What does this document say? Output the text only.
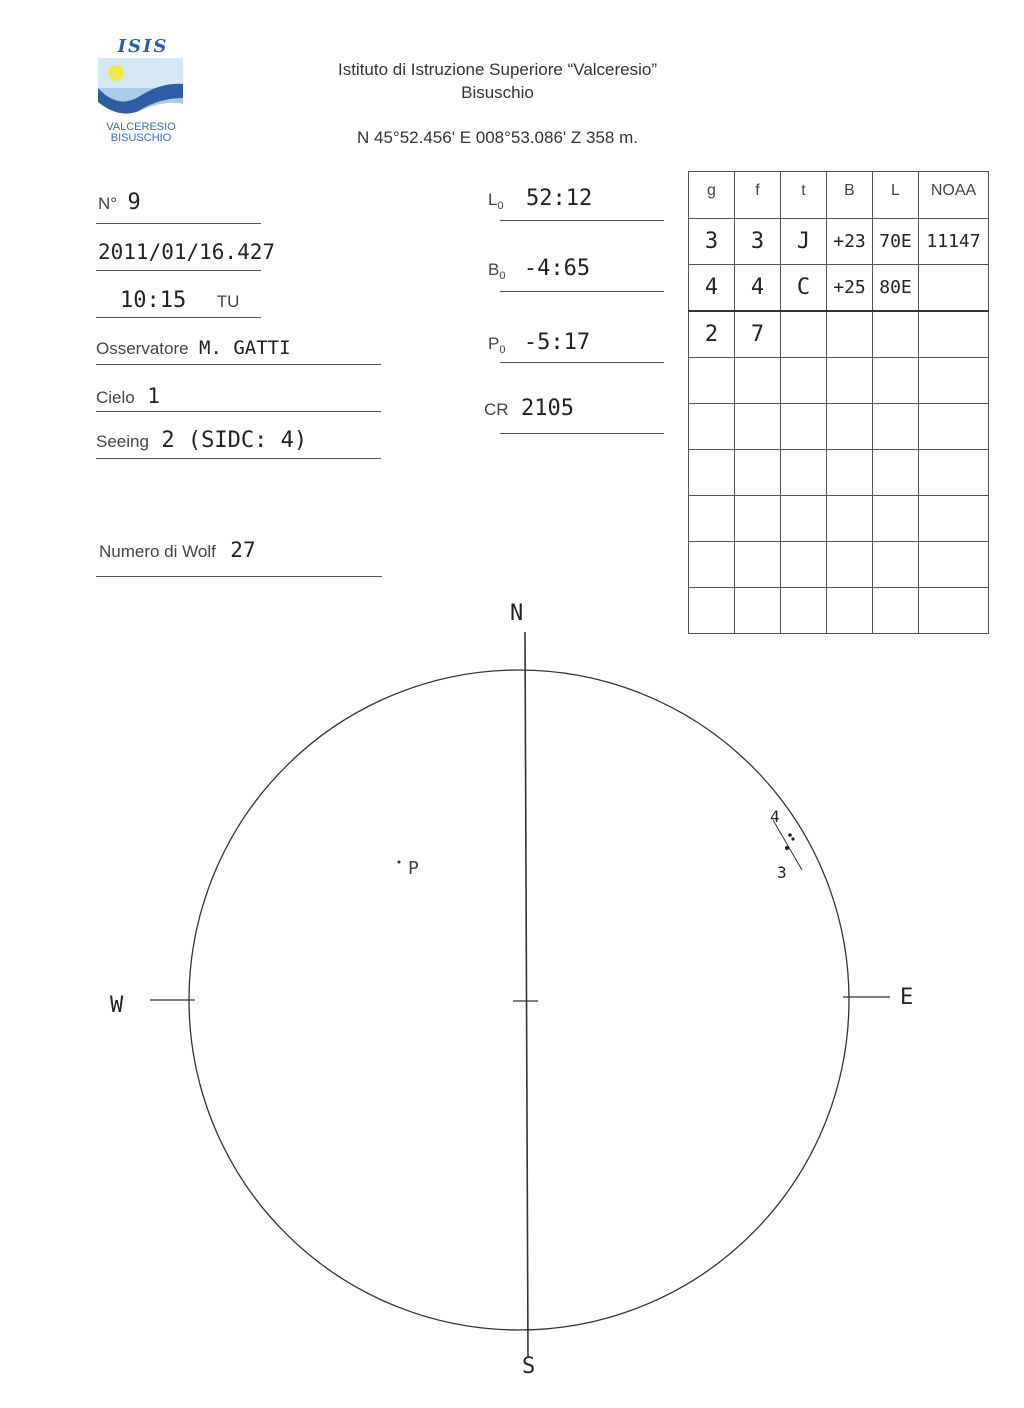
ISIS
VALCERESIO
BISUSCHIO
Istituto di Istruzione Superiore “Valceresio”
Bisuschio
N 45°52.456' E 008°53.086' Z 358 m.
N° 9
2011/01/16.427
10:15 TU
Osservatore M. GATTI
Cielo 1
Seeing 2 (SIDC: 4)
Numero di Wolf 27
$L_0$ 52:12
$B_0$ -4:65
$P_0$ -5:17
CR 2105
g	f	t	B	L	NOAA
3	3	J	+23	70E	11147
4	4	C	+25	80E	
2	7				

N
S
E
W
P
4
3
